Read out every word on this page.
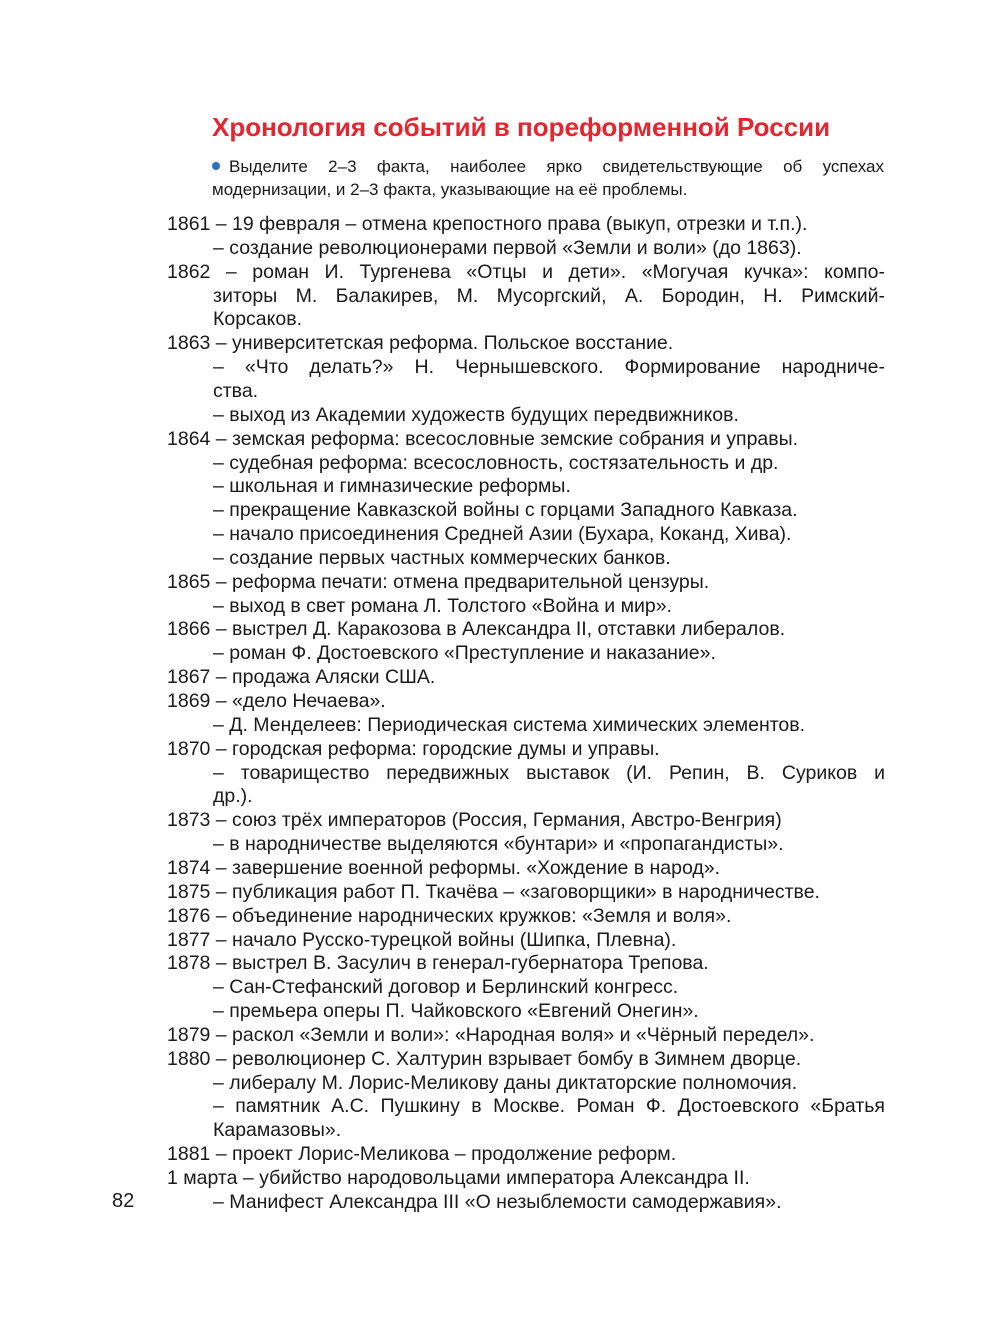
Хронология событий в пореформенной России

Выделите 2–3 факта, наиболее ярко свидетельствующие об успехах модернизации, и 2–3 факта, указывающие на её проблемы.

1861 – 19 февраля – отмена крепостного права (выкуп, отрезки и т.п.).
– создание революционерами первой «Земли и воли» (до 1863).
1862 – роман И. Тургенева «Отцы и дети». «Могучая кучка»: компо-
зиторы М. Балакирев, М. Мусоргский, А. Бородин, Н. Римский-
Корсаков.
1863 – университетская реформа. Польское восстание.
– «Что делать?» Н. Чернышевского. Формирование народниче-
ства.
– выход из Академии художеств будущих передвижников.
1864 – земская реформа: всесословные земские собрания и управы.
– судебная реформа: всесословность, состязательность и др.
– школьная и гимназические реформы.
– прекращение Кавказской войны с горцами Западного Кавказа.
– начало присоединения Средней Азии (Бухара, Коканд, Хива).
– создание первых частных коммерческих банков.
1865 – реформа печати: отмена предварительной цензуры.
– выход в свет романа Л. Толстого «Война и мир».
1866 – выстрел Д. Каракозова в Александра II, отставки либералов.
– роман Ф. Достоевского «Преступление и наказание».
1867 – продажа Аляски США.
1869 – «дело Нечаева».
– Д. Менделеев: Периодическая система химических элементов.
1870 – городская реформа: городские думы и управы.
– товарищество передвижных выставок (И. Репин, В. Суриков и
др.).
1873 – союз трёх императоров (Россия, Германия, Австро-Венгрия)
– в народничестве выделяются «бунтари» и «пропагандисты».
1874 – завершение военной реформы. «Хождение в народ».
1875 – публикация работ П. Ткачёва – «заговорщики» в народничестве.
1876 – объединение народнических кружков: «Земля и воля».
1877 – начало Русско-турецкой войны (Шипка, Плевна).
1878 – выстрел В. Засулич в генерал-губернатора Трепова.
– Сан-Стефанский договор и Берлинский конгресс.
– премьера оперы П. Чайковского «Евгений Онегин».
1879 – раскол «Земли и воли»: «Народная воля» и «Чёрный передел».
1880 – революционер С. Халтурин взрывает бомбу в Зимнем дворце.
– либералу М. Лорис-Меликову даны диктаторские полномочия.
– памятник А.С. Пушкину в Москве. Роман Ф. Достоевского «Братья
Карамазовы».
1881 – проект Лорис-Меликова – продолжение реформ.
1 марта – убийство народовольцами императора Александра II.
– Манифест Александра III «О незыблемости самодержавия».
82
